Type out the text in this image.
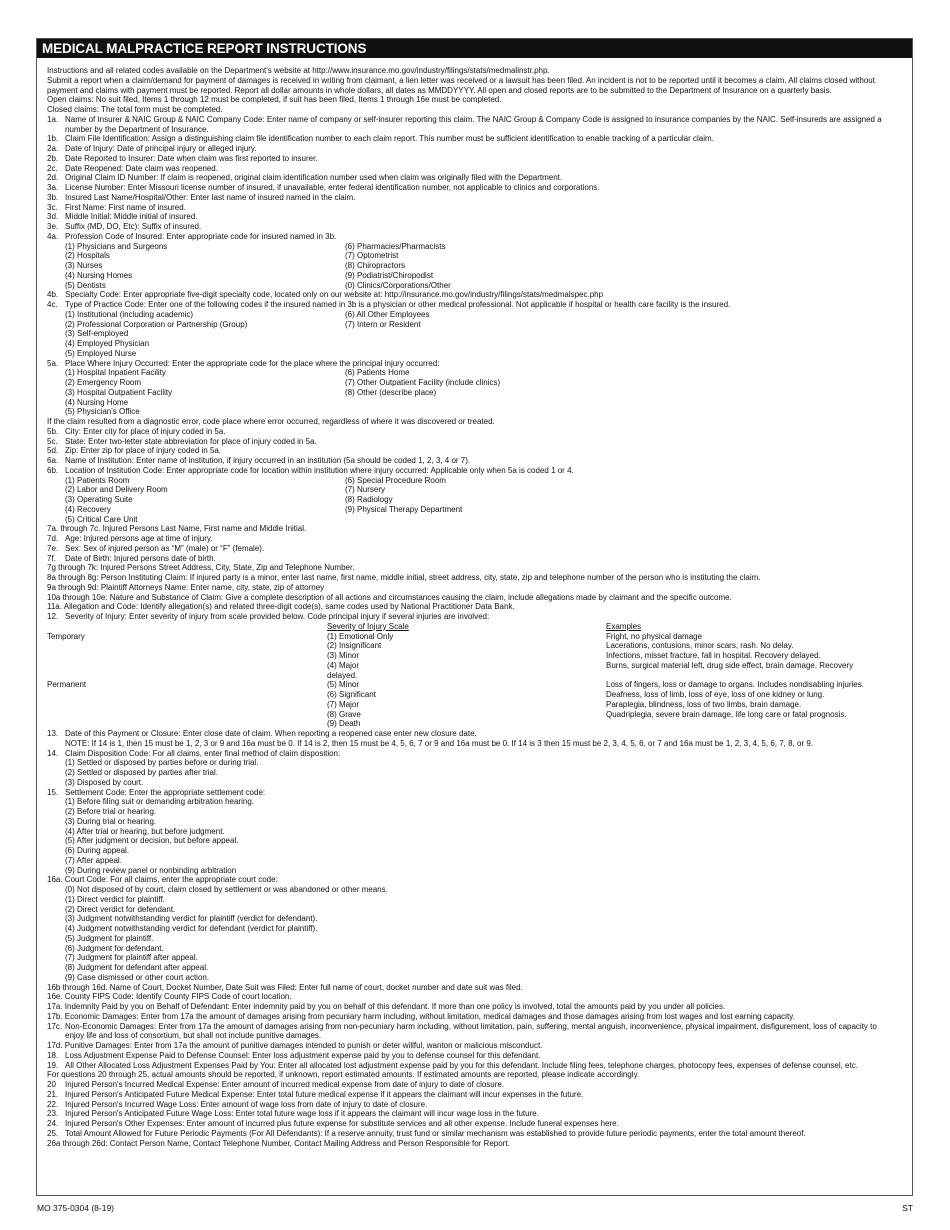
MEDICAL MALPRACTICE REPORT INSTRUCTIONS
Instructions and all related codes available on the Department's website at http://www.insurance.mo.gov/industry/filings/stats/medmalinstr.php.
Submit a report when a claim/demand for payment of damages is received in writing from claimant, a lien letter was received or a lawsuit has been filed. An incident is not to be reported until it becomes a claim. All claims closed without payment and claims with payment must be reported. Report all dollar amounts in whole dollars, all dates as MMDDYYYY. All open and closed reports are to be submitted to the Department of Insurance on a quarterly basis.
Open claims: No suit filed, Items 1 through 12 must be completed, if suit has been filed, Items 1 through 16e must be completed.
Closed claims: The total form must be completed.
1a. Name of Insurer & NAIC Group & NAIC Company Code: Enter name of company or self-insurer reporting this claim. The NAIC Group & Company Code is assigned to insurance companies by the NAIC. Self-insureds are assigned a number by the Department of Insurance.
1b. Claim File Identification: Assign a distinguishing claim file identification number to each claim report. This number must be sufficient identification to enable tracking of a particular claim.
2a. Date of Injury: Date of principal injury or alleged injury.
2b. Date Reported to Insurer: Date when claim was first reported to insurer.
2c. Date Reopened: Date claim was reopened.
2d. Original Claim ID Number: If claim is reopened, original claim identification number used when claim was originally filed with the Department.
3a. License Number: Enter Missouri license number of insured, if unavailable, enter federal identification number, not applicable to clinics and corporations.
3b. Insured Last Name/Hospital/Other: Enter last name of insured named in the claim.
3c. First Name: First name of insured.
3d. Middle Initial: Middle initial of insured.
3e. Suffix (MD, DO, Etc): Suffix of insured.
4a. Profession Code of Insured: Enter appropriate code for insured named in 3b.
(1) Physicians and Surgeons	(6) Pharmacies/Pharmacists
(2) Hospitals	(7) Optometrist
(3) Nurses	(8) Chiropractors
(4) Nursing Homes	(9) Podiatrist/Chiropodist
(5) Dentists	(0) Clinics/Corporations/Other
4b. Specialty Code: Enter appropriate five-digit specialty code, located only on our website at: http://insurance.mo.gov/industry/filings/stats/medmalspec.php
4c. Type of Practice Code: Enter one of the following codes if the insured named in 3b is a physician or other medical professional. Not applicable if hospital or health care facility is the insured.
(1) Institutional (including academic)	(6) All Other Employees
(2) Professional Corporation or Partnership (Group)	(7) Intern or Resident
(3) Self-employed
(4) Employed Physician
(5) Employed Nurse
5a. Place Where Injury Occurred: Enter the appropriate code for the place where the principal injury occurred:
(1) Hospital Inpatient Facility	(6) Patients Home
(2) Emergency Room	(7) Other Outpatient Facility (include clinics)
(3) Hospital Outpatient Facility	(8) Other (describe place)
(4) Nursing Home
(5) Physician's Office
If the claim resulted from a diagnostic error, code place where error occurred, regardless of where it was discovered or treated.
5b. City: Enter city for place of injury coded in 5a.
5c. State: Enter two-letter state abbreviation for place of injury coded in 5a.
5d. Zip: Enter zip for place of injury coded in 5a.
6a. Name of Institution: Enter name of institution, if injury occurred in an institution (5a should be coded 1, 2, 3, 4 or 7).
6b. Location of Institution Code: Enter appropriate code for location within institution where injury occurred: Applicable only when 5a is coded 1 or 4.
(1) Patients Room	(6) Special Procedure Room
(2) Labor and Delivery Room	(7) Nursery
(3) Operating Suite	(8) Radiology
(4) Recovery	(9) Physical Therapy Department
(5) Critical Care Unit
7a. through 7c. Injured Persons Last Name, First name and Middle Initial.
7d. Age: Injured persons age at time of injury.
7e. Sex: Sex of injured person as “M” (male) or “F” (female).
7f. Date of Birth: Injured persons date of birth.
7g through 7k: Injured Persons Street Address, City, State, Zip and Telephone Number.
8a through 8g: Person Instituting Claim: If injured party is a minor, enter last name, first name, middle initial, street address, city, state, zip and telephone number of the person who is instituting the claim.
9a through 9d: Plaintiff Attorneys Name: Enter name, city, state, zip of attorney
10a through 10e: Nature and Substance of Claim: Give a complete description of all actions and circumstances causing the claim, include allegations made by claimant and the specific outcome.
11a. Allegation and Code: Identify allegation(s) and related three-digit code(s), same codes used by National Practitioner Data Bank.
12. Severity of Injury: Enter severity of injury from scale provided below. Code principal injury if several injuries are involved:
Severity of Injury Scale	Examples
Temporary	(1) Emotional Only	Fright, no physical damage
(2) Insignificant	Lacerations, contusions, minor scars, rash. No delay.
(3) Minor	Infections, misset fracture, fall in hospital. Recovery delayed.
(4) Major	Burns, surgical material left, drug side effect, brain damage. Recovery
delayed.
Permanent	(5) Minor	Loss of fingers, loss or damage to organs. Includes nondisabling injuries.
(6) Significant	Deafness, loss of limb, loss of eye, loss of one kidney or lung.
(7) Major	Paraplegia, blindness, loss of two limbs, brain damage.
(8) Grave	Quadriplegia, severe brain damage, life long care or fatal prognosis.
(9) Death
13. Date of this Payment or Closure: Enter close date of claim. When reporting a reopened case enter new closure date.
NOTE: If 14 is 1, then 15 must be 1, 2, 3 or 9 and 16a must be 0. If 14 is 2, then 15 must be 4, 5, 6, 7 or 9 and 16a must be 0. If 14 is 3 then 15 must be 2, 3, 4, 5, 6, or 7 and 16a must be 1, 2, 3, 4, 5, 6, 7, 8, or 9.
14. Claim Disposition Code: For all claims, enter final method of claim disposition:
(1) Settled or disposed by parties before or during trial.
(2) Settled or disposed by parties after trial.
(3) Disposed by court.
15. Settlement Code: Enter the appropriate settlement code:
(1) Before filing suit or demanding arbitration hearing.
(2) Before trial or hearing.
(3) During trial or hearing.
(4) After trial or hearing, but before judgment.
(5) After judgment or decision, but before appeal.
(6) During appeal.
(7) After appeal.
(9) During review panel or nonbinding arbitration
16a. Court Code: For all claims, enter the appropriate court code:
(0) Not disposed of by court, claim closed by settlement or was abandoned or other means.
(1) Direct verdict for plaintiff.
(2) Direct verdict for defendant.
(3) Judgment notwithstanding verdict for plaintiff (verdict for defendant).
(4) Judgment notwithstanding verdict for defendant (verdict for plaintiff).
(5) Judgment for plaintiff.
(6) Judgment for defendant.
(7) Judgment for plaintiff after appeal.
(8) Judgment for defendant after appeal.
(9) Case dismissed or other court action.
16b through 16d. Name of Court, Docket Number, Date Suit was Filed: Enter full name of court, docket number and date suit was filed.
16e. County FIPS Code: Identify County FIPS Code of court location.
17a. Indemnity Paid by you on Behalf of Defendant: Enter indemnity paid by you on behalf of this defendant. If more than one policy is involved, total the amounts paid by you under all policies.
17b. Economic Damages: Enter from 17a the amount of damages arising from pecuniary harm including, without limitation, medical damages and those damages arising from lost wages and lost earning capacity.
17c. Non-Economic Damages: Enter from 17a the amount of damages arising from non-pecuniary harm including, without limitation, pain, suffering, mental anguish, inconvenience, physical impairment, disfigurement, loss of capacity to enjoy life and loss of consortium, but shall not include punitive damages.
17d. Punitive Damages: Enter from 17a the amount of punitive damages intended to punish or deter willful, wanton or malicious misconduct.
18. Loss Adjustment Expense Paid to Defense Counsel: Enter loss adjustment expense paid by you to defense counsel for this defendant.
19. All Other Allocated Loss Adjustment Expenses Paid by You: Enter all allocated lost adjustment expense paid by you for this defendant. Include filing fees, telephone charges, photocopy fees, expenses of defense counsel, etc.
For questions 20 through 25, actual amounts should be reported, if unknown, report estimated amounts. If estimated amounts are reported, please indicate accordingly.
20 Injured Person's Incurred Medical Expense: Enter amount of incurred medical expense from date of injury to date of closure.
21. Injured Person's Anticipated Future Medical Expense: Enter total future medical expense if it appears the claimant will incur expenses in the future.
22. Injured Person's Incurred Wage Loss: Enter amount of wage loss from date of injury to date of closure.
23. Injured Person's Anticipated Future Wage Loss: Enter total future wage loss if it appears the claimant will incur wage loss in the future.
24. Injured Person's Other Expenses: Enter amount of incurred plus future expense for substitute services and all other expense. Include funeral expenses here.
25. Total Amount Allowed for Future Periodic Payments (For All Defendants): If a reserve annuity, trust fund or similar mechanism was established to provide future periodic payments, enter the total amount thereof.
26a through 26d: Contact Person Name, Contact Telephone Number, Contact Mailing Address and Person Responsible for Report.
MO 375-0304 (8-19)	ST
